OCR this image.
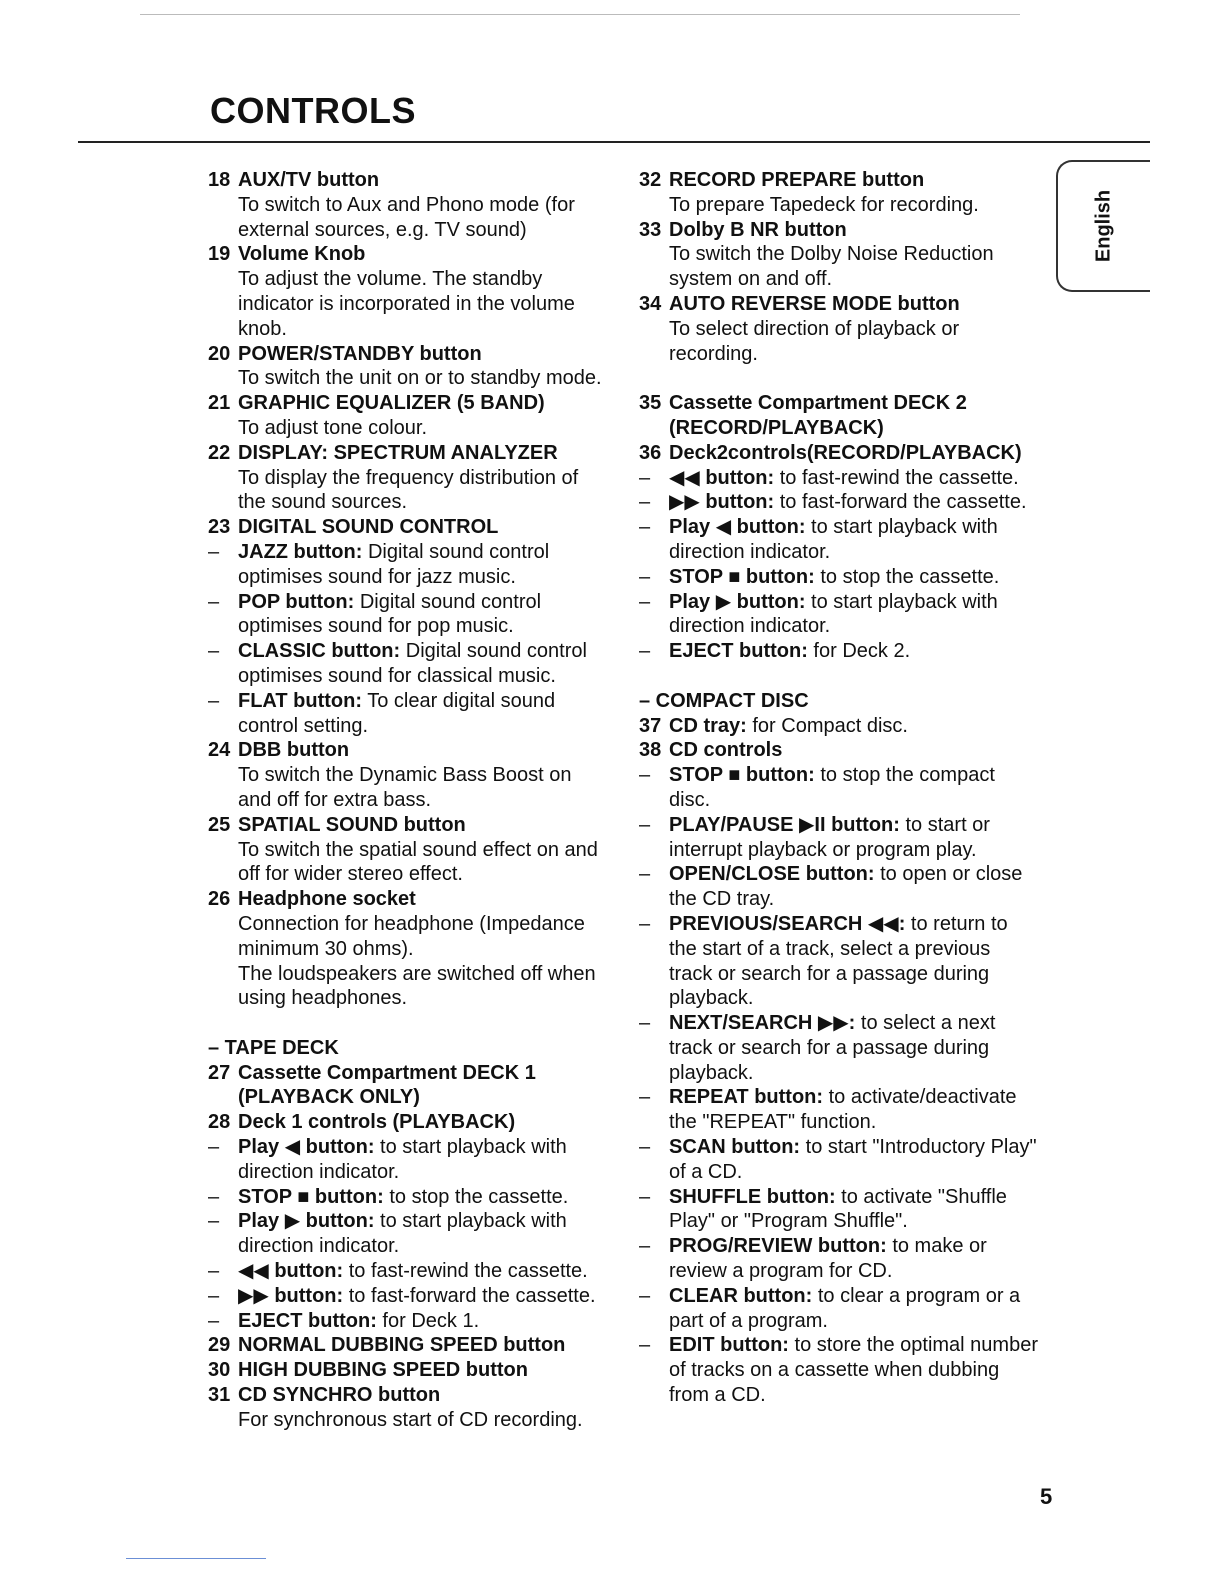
CONTROLS
English
18 AUX/TV button
To switch to Aux and Phono mode (for external sources, e.g. TV sound)
19 Volume Knob
To adjust the volume. The standby indicator is incorporated in the volume knob.
20 POWER/STANDBY button
To switch the unit on or to standby mode.
21 GRAPHIC EQUALIZER (5 BAND)
To adjust tone colour.
22 DISPLAY: SPECTRUM ANALYZER
To display the frequency distribution of the sound sources.
23 DIGITAL SOUND CONTROL
– JAZZ button: Digital sound control optimises sound for jazz music.
– POP button: Digital sound control optimises sound for pop music.
– CLASSIC button: Digital sound control optimises sound for classical music.
– FLAT button: To clear digital sound control setting.
24 DBB button
To switch the Dynamic Bass Boost on and off for extra bass.
25 SPATIAL SOUND button
To switch the spatial sound effect on and off for wider stereo effect.
26 Headphone socket
Connection for headphone (Impedance minimum 30 ohms).
The loudspeakers are switched off when using headphones.
– TAPE DECK
27 Cassette Compartment DECK 1
(PLAYBACK ONLY)
28 Deck 1 controls (PLAYBACK)
– Play ◀ button: to start playback with direction indicator.
– STOP ■ button: to stop the cassette.
– Play ▶ button: to start playback with direction indicator.
– ◀◀ button: to fast-rewind the cassette.
– ▶▶ button: to fast-forward the cassette.
– EJECT button: for Deck 1.
29 NORMAL DUBBING SPEED button
30 HIGH DUBBING SPEED button
31 CD SYNCHRO button
For synchronous start of CD recording.
32 RECORD PREPARE button
To prepare Tapedeck for recording.
33 Dolby B NR button
To switch the Dolby Noise Reduction system on and off.
34 AUTO REVERSE MODE button
To select direction of playback or recording.
35 Cassette Compartment DECK 2
(RECORD/PLAYBACK)
36 Deck2controls(RECORD/PLAYBACK)
– ◀◀ button: to fast-rewind the cassette.
– ▶▶ button: to fast-forward the cassette.
– Play ◀ button: to start playback with direction indicator.
– STOP ■ button: to stop the cassette.
– Play ▶ button: to start playback with direction indicator.
– EJECT button: for Deck 2.
– COMPACT DISC
37 CD tray: for Compact disc.
38 CD controls
– STOP ■ button: to stop the compact disc.
– PLAY/PAUSE ▶II button: to start or interrupt playback or program play.
– OPEN/CLOSE button: to open or close the CD tray.
– PREVIOUS/SEARCH ◀◀: to return to the start of a track, select a previous track or search for a passage during playback.
– NEXT/SEARCH ▶▶: to select a next track or search for a passage during playback.
– REPEAT button: to activate/deactivate the "REPEAT" function.
– SCAN button: to start "Introductory Play" of a CD.
– SHUFFLE button: to activate "Shuffle Play" or "Program Shuffle".
– PROG/REVIEW button: to make or review a program for CD.
– CLEAR button: to clear a program or a part of a program.
– EDIT button: to store the optimal number of tracks on a cassette when dubbing from a CD.
5
